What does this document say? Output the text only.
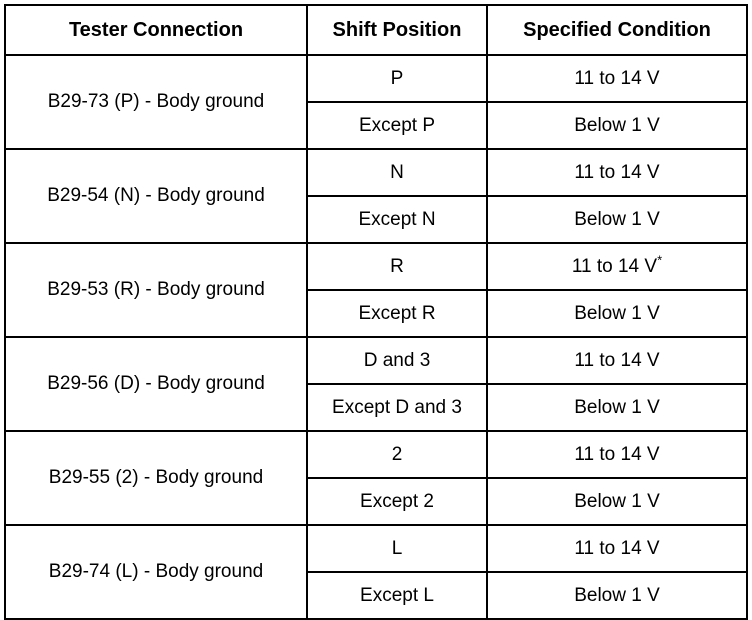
Tester Connection	Shift Position	Specified Condition
B29-73 (P) - Body ground	P	11 to 14 V
	Except P	Below 1 V
B29-54 (N) - Body ground	N	11 to 14 V
	Except N	Below 1 V
B29-53 (R) - Body ground	R	11 to 14 V*
	Except R	Below 1 V
B29-56 (D) - Body ground	D and 3	11 to 14 V
	Except D and 3	Below 1 V
B29-55 (2) - Body ground	2	11 to 14 V
	Except 2	Below 1 V
B29-74 (L) - Body ground	L	11 to 14 V
	Except L	Below 1 V
